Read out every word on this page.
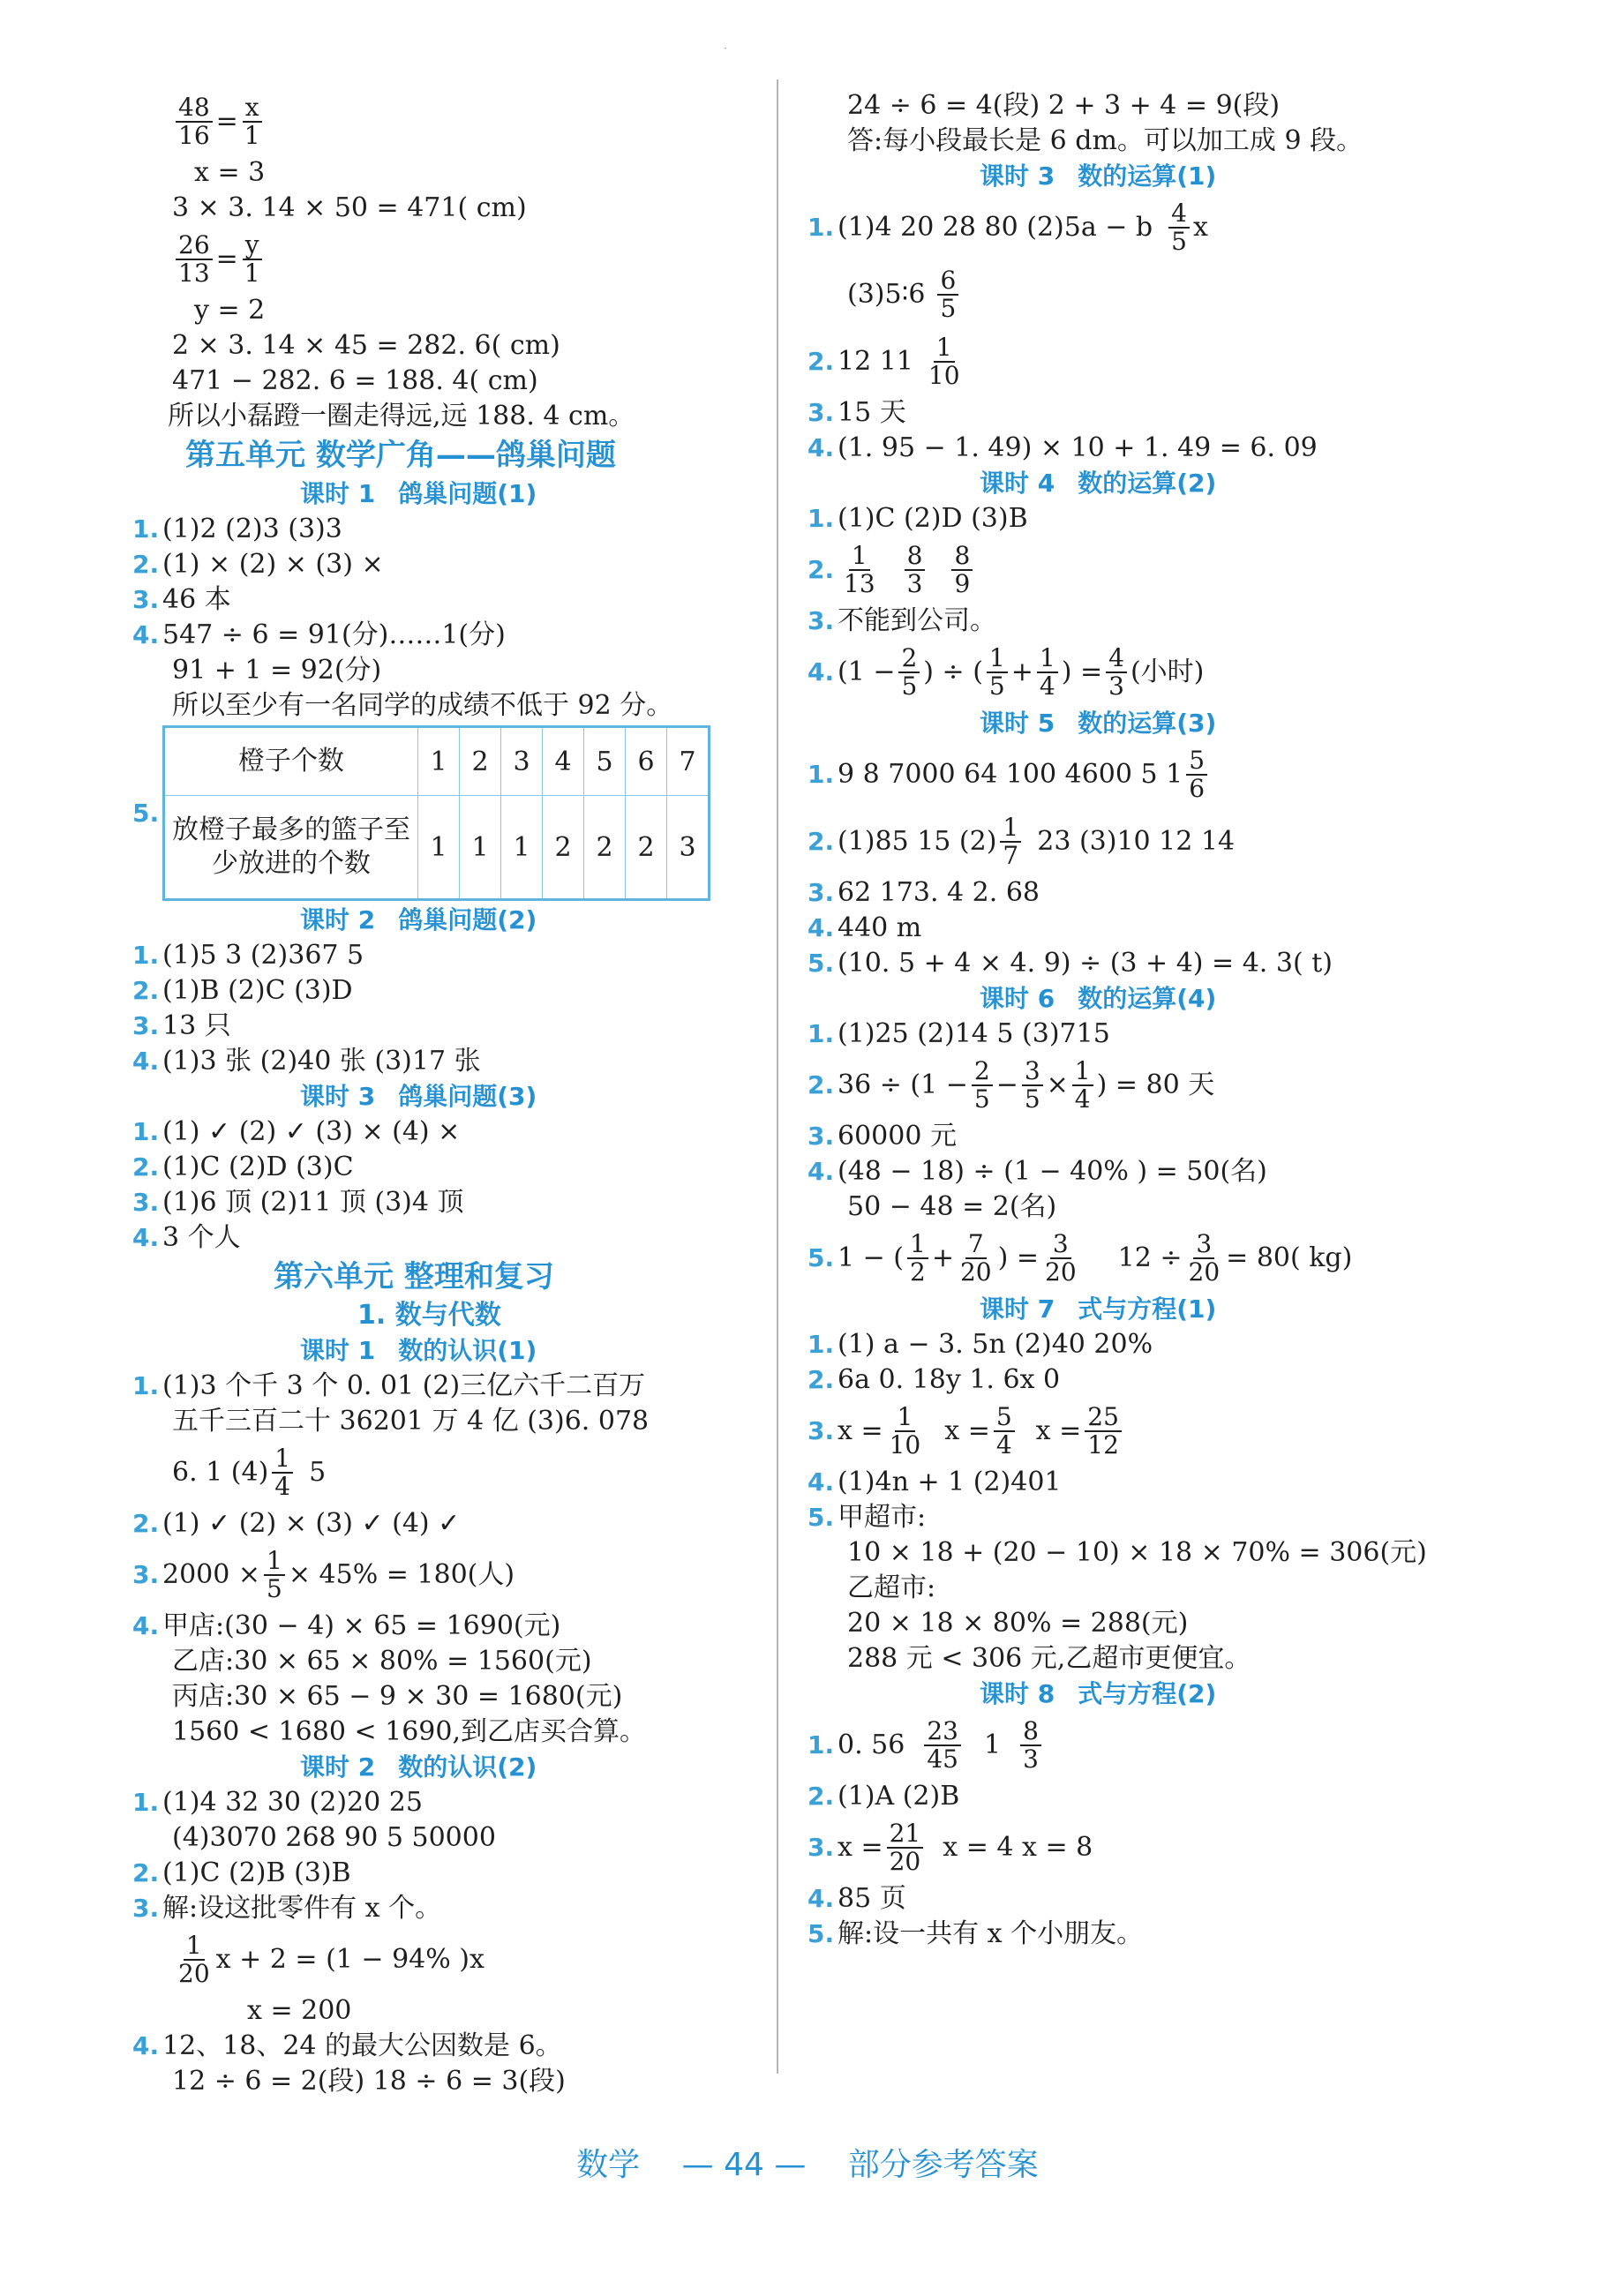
·
$\frac{48}{16} = \frac{x}{1}$
x = 3
3 × 3. 14 × 50 = 471( cm)
$\frac{26}{13} = \frac{y}{1}$
y = 2
2 × 3. 14 × 45 = 282. 6( cm)
471 − 282. 6 = 188. 4( cm)
所以小磊蹬一圈走得远,远 188. 4 cm。
第五单元 数学广角——鸽巢问题
课时 1 鸽巢问题(1)
1. (1)2 (2)3 (3)3
2. (1) × (2) × (3) ×
3. 46 本
4. 547 ÷ 6 = 91(分)……1(分)
91 + 1 = 92(分)
所以至少有一名同学的成绩不低于 92 分。
5.
橙子个数	1	2	3	4	5	6	7
放橙子最多的篮子至少放进的个数	1	1	1	2	2	2	3
课时 2 鸽巢问题(2)
1. (1)5 3 (2)367 5
2. (1)B (2)C (3)D
3. 13 只
4. (1)3 张 (2)40 张 (3)17 张
课时 3 鸽巢问题(3)
1. (1) ✓ (2) ✓ (3) × (4) ×
2. (1)C (2)D (3)C
3. (1)6 顶 (2)11 顶 (3)4 顶
4. 3 个人
第六单元 整理和复习
1. 数与代数
课时 1 数的认识(1)
1. (1)3 个千 3 个 0. 01 (2)三亿六千二百万
五千三百二十 36201 万 4 亿 (3)6. 078
6. 1 $(4) \frac{1}{4} 5$
2. (1) ✓ (2) × (3) ✓ (4) ✓
3. $2000 \times \frac{1}{5} \times 45\% = 180$(人)
4. 甲店:(30 − 4) × 65 = 1690(元)
乙店:30 × 65 × 80% = 1560(元)
丙店:30 × 65 − 9 × 30 = 1680(元)
1560 < 1680 < 1690,到乙店买合算。
课时 2 数的认识(2)
1. (1)4 32 30 (2)20 25
(4)3070 268 90 5 50000
2. (1)C (2)B (3)B
3. 解:设这批零件有 x 个。
$\frac{1}{20}$ x + 2 = (1 − 94% )x
x = 200
4. 12、18、24 的最大公因数是 6。
12 ÷ 6 = 2(段) 18 ÷ 6 = 3(段)
24 ÷ 6 = 4(段) 2 + 3 + 4 = 9(段)
答:每小段最长是 6 dm。可以加工成 9 段。
课时 3 数的运算(1)
1. (1)4 20 28 80 (2)5a − b $\frac{4}{5}$ x
(3)5∶6 $\frac{6}{5}$
2. 12 $11 \frac{1}{10}$
3. 15 天
4. (1. 95 − 1. 49) × 10 + 1. 49 = 6. 09
课时 4 数的运算(2)
1. (1)C (2)D (3)B
2. $\frac{1}{13} \frac{8}{3} \frac{8}{9}$
3. 不能到公司。
4. ($1 - \frac{2}{5}$ ) ÷ ( $\frac{1}{5} + \frac{1}{4}$ ) = $\frac{4}{3}$ (小时)
课时 5 数的运算(3)
1. 9 8 7000 64 100 4600 5 $1 \frac{5}{6}$
2. (1)85 15 $(2) \frac{1}{7} 23$ (3)10 12 14
3. 62 173. 4 2. 68
4. 440 m
5. (10. 5 + 4 × 4. 9) ÷ (3 + 4) = 4. 3( t)
课时 6 数的运算(4)
1. (1)25 (2)14 5 (3)715
2. $36 \div (1 - \frac{2}{5} - \frac{3}{5} \times \frac{1}{4}$ ) = 80 天
3. 60000 元
4. (48 − 18) ÷ (1 − 40% ) = 50(名)
50 − 48 = 2(名)
5. 1 − ( $\frac{1}{2} + \frac{7}{20}$ ) = $\frac{3}{20} 12 \div \frac{3}{20} = 80$( kg)
课时 7 式与方程(1)
1. (1) a − 3. 5n (2)40 20%
2. 6a 0. 18y 1. 6x 0
3. $x = \frac{1}{10}$ $x = \frac{5}{4}$ $x = \frac{25}{12}$
4. (1)4n + 1 (2)401
5. 甲超市:
10 × 18 + (20 − 10) × 18 × 70% = 306(元)
乙超市:
20 × 18 × 80% = 288(元)
288 元 < 306 元,乙超市更便宜。
课时 8 式与方程(2)
1. 0. $56 \frac{23}{45} 1 \frac{8}{3}$
2. (1)A (2)B
3. $x = \frac{21}{20}$ x = 4 x = 8
4. 85 页
5. 解:设一共有 x 个小朋友。
数学 — 44 — 部分参考答案
